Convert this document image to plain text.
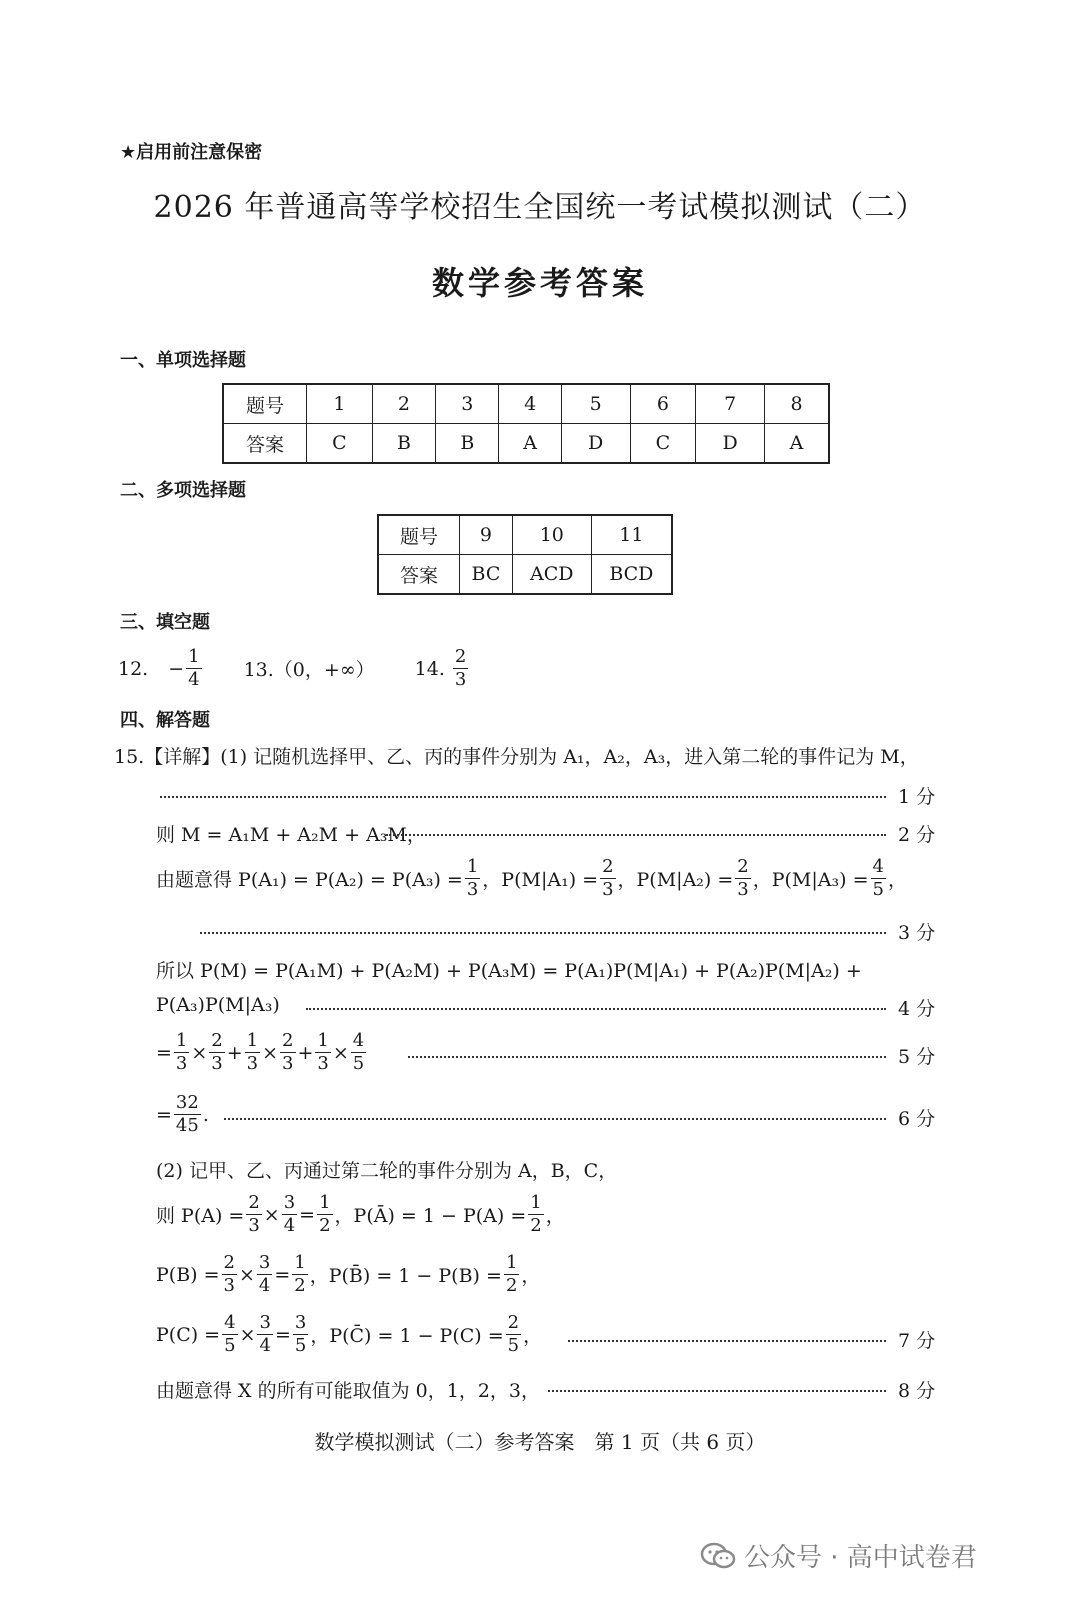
★启用前注意保密
2026 年普通高等学校招生全国统一考试模拟测试（二）
数学参考答案
一、单项选择题
题号	1	2	3	4	5	6	7	8
答案	C	B	B	A	D	C	D	A
二、多项选择题
题号	9	10	11
答案	BC	ACD	BCD
三、填空题
12. − $\frac{1}{4} 13.(0$，+∞） 14. $\frac{2}{3}$
四、解答题
15.【详解】(1) 记随机选择甲、乙、丙的事件分别为 A₁，A₂，A₃，进入第二轮的事件记为 M，
1 分
则 M = A₁M + A₂M + A₃M，	2 分
由题意得 $P(A_1) = P(A_2) = P(A_3) = \frac{1}{3}$ ，$P(M|A_1) = \frac{2}{3}$ ，$P(M|A_2) = \frac{2}{3}$ ，$P(M|A_3) = \frac{4}{5}$ ，
3 分
所以 P(M) = P(A₁M) + P(A₂M) + P(A₃M) = P(A₁)P(M|A₁) + P(A₂)P(M|A₂) +
P(A₃)P(M|A₃)	4 分
= $\frac{1}{3} \times \frac{2}{3} + \frac{1}{3} \times \frac{2}{3} + \frac{1}{3} \times \frac{4}{5}$	5 分
= $\frac{32}{45}$ .	6 分
(2) 记甲、乙、丙通过第二轮的事件分别为 A，B，C，
则 $P(A) = \frac{2}{3} \times \frac{3}{4} = \frac{1}{2}$ ，P(Ā) = $1 - P(A) = \frac{1}{2}$ ，
$P(B) = \frac{2}{3} \times \frac{3}{4} = \frac{1}{2}$ ，P(B̄) = $1 - P(B) = \frac{1}{2}$ ，
$P(C) = \frac{4}{5} \times \frac{3}{4} = \frac{3}{5}$ ，P(C̄) = $1 - P(C) = \frac{2}{5}$ ，	7 分
由题意得 X 的所有可能取值为 0，1，2，3，	8 分
数学模拟测试（二）参考答案　第 1 页（共 6 页）
公众号 · 高中试卷君
